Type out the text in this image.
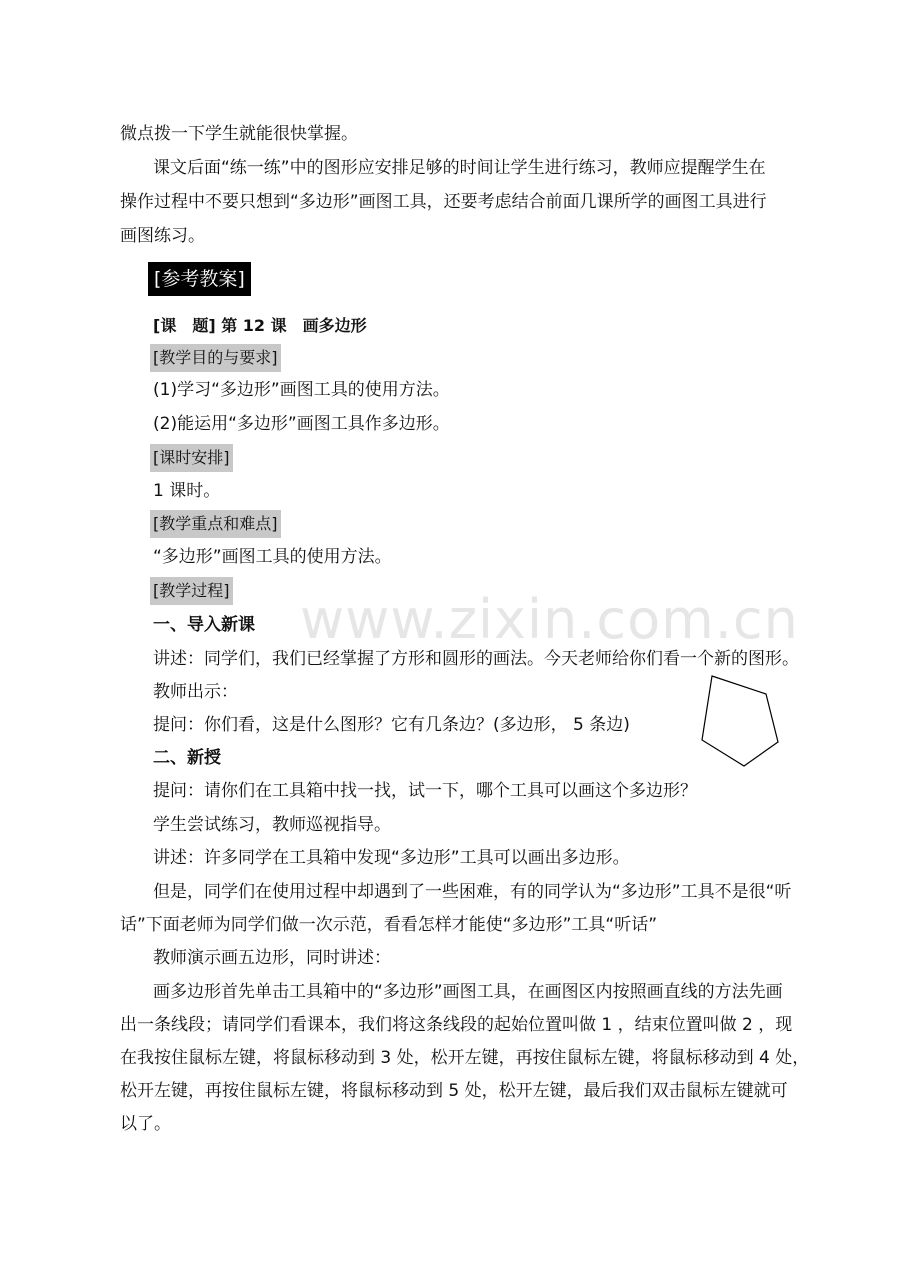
www.zixin.com.cn
微点拨一下学生就能很快掌握。
课文后面“练一练”中的图形应安排足够的时间让学生进行练习，教师应提醒学生在
操作过程中不要只想到“多边形”画图工具，还要考虑结合前面几课所学的画图工具进行
画图练习。
[参考教案]
[课　题] 第 12 课　画多边形
[教学目的与要求]
(1)学习“多边形”画图工具的使用方法。
(2)能运用“多边形”画图工具作多边形。
[课时安排]
1 课时。
[教学重点和难点]
“多边形”画图工具的使用方法。
[教学过程]
一、导入新课
讲述：同学们，我们已经掌握了方形和圆形的画法。今天老师给你们看一个新的图形。
教师出示：
提问：你们看，这是什么图形？它有几条边？(多边形， 5 条边)
二、新授
提问：请你们在工具箱中找一找，试一下，哪个工具可以画这个多边形？
学生尝试练习，教师巡视指导。
讲述：许多同学在工具箱中发现“多边形”工具可以画出多边形。
但是，同学们在使用过程中却遇到了一些困难，有的同学认为“多边形”工具不是很“听
话”下面老师为同学们做一次示范，看看怎样才能使“多边形”工具“听话”
教师演示画五边形，同时讲述：
画多边形首先单击工具箱中的“多边形”画图工具，在画图区内按照画直线的方法先画
出一条线段；请同学们看课本，我们将这条线段的起始位置叫做 1 ，结束位置叫做 2 ，现
在我按住鼠标左键，将鼠标移动到 3 处，松开左键，再按住鼠标左键，将鼠标移动到 4 处，
松开左键，再按住鼠标左键，将鼠标移动到 5 处，松开左键，最后我们双击鼠标左键就可
以了。
